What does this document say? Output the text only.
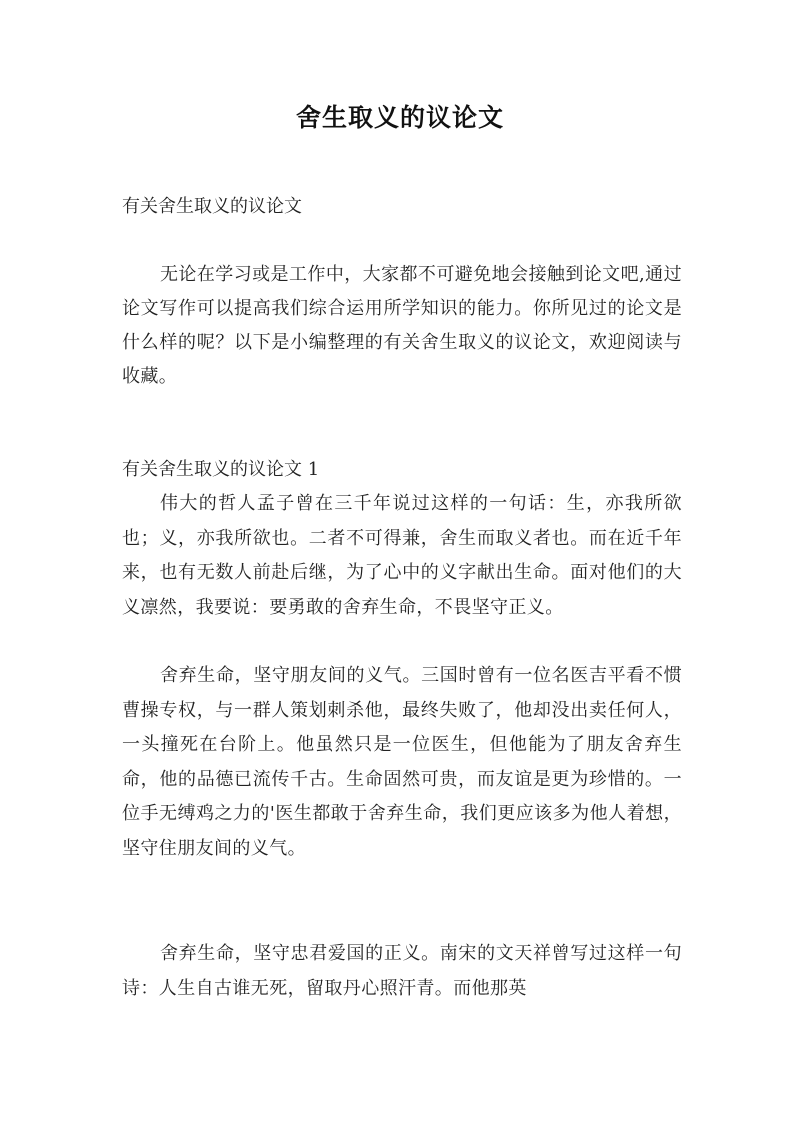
舍生取义的议论文
有关舍生取义的议论文

无论在学习或是工作中，大家都不可避免地会接触到论文吧,通过论文写作可以提高我们综合运用所学知识的能力。你所见过的论文是什么样的呢？以下是小编整理的有关舍生取义的议论文，欢迎阅读与收藏。

有关舍生取义的议论文 1

伟大的哲人孟子曾在三千年说过这样的一句话：生，亦我所欲也；义，亦我所欲也。二者不可得兼，舍生而取义者也。而在近千年来，也有无数人前赴后继，为了心中的义字献出生命。面对他们的大义凛然，我要说：要勇敢的舍弃生命，不畏坚守正义。

舍弃生命，坚守朋友间的义气。三国时曾有一位名医吉平看不惯曹操专权，与一群人策划刺杀他，最终失败了，他却没出卖任何人，一头撞死在台阶上。他虽然只是一位医生，但他能为了朋友舍弃生命，他的品德已流传千古。生命固然可贵，而友谊是更为珍惜的。一位手无缚鸡之力的'医生都敢于舍弃生命，我们更应该多为他人着想，坚守住朋友间的义气。

舍弃生命，坚守忠君爱国的正义。南宋的文天祥曾写过这样一句诗：人生自古谁无死，留取丹心照汗青。而他那英
